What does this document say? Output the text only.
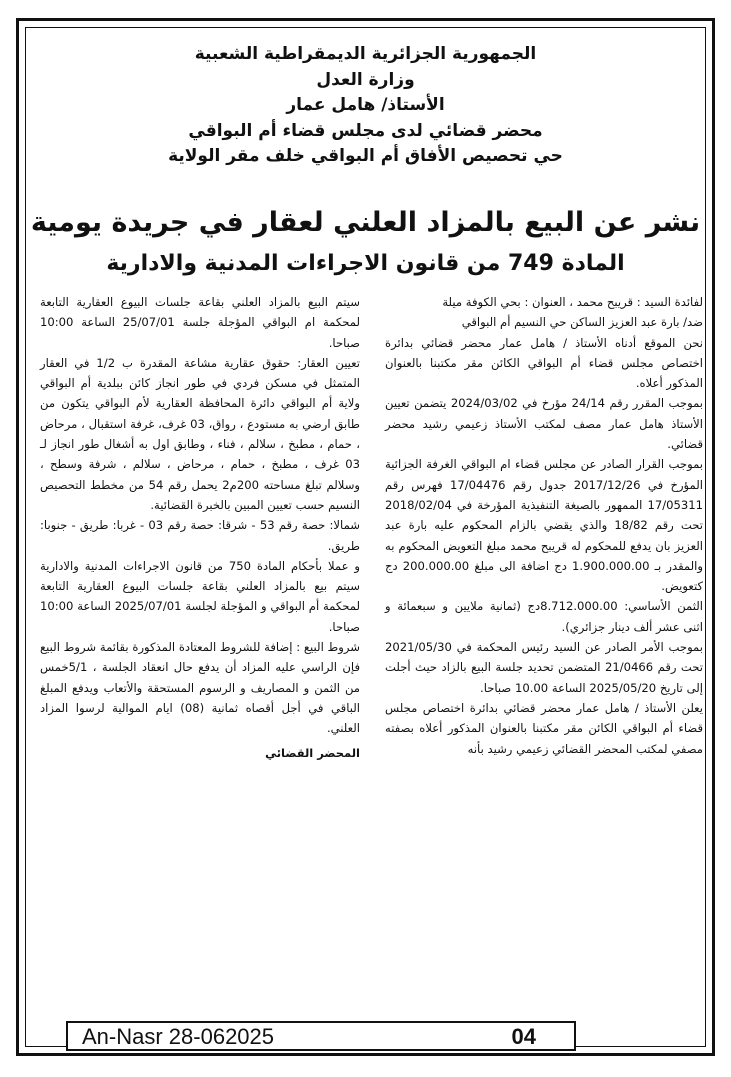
الجمهورية الجزائرية الديمقراطية الشعبية
وزارة العدل
الأستاذ/ هامل عمار
محضر قضائي لدى مجلس قضاء أم البواقي
حي تحصيص الأفاق أم البواقي خلف مقر الولاية
نشر عن البيع بالمزاد العلني لعقار في جريدة يومية
المادة 749 من قانون الاجراءات المدنية والادارية

لفائدة السيد : قريبح محمد ، العنوان : بحي الكوفة ميلة

ضد/ بارة عبد العزيز الساكن حي النسيم أم البواقي

نحن الموقع أدناه الأستاذ / هامل عمار محضر قضائي بدائرة اختصاص مجلس قضاء أم البواقي الكائن مقر مكتبنا بالعنوان المذكور أعلاه.

بموجب المقرر رقم 24/14 مؤرخ في 2024/03/02 يتضمن تعيين الأستاذ هامل عمار مصف لمكتب الأستاذ زعيمي رشيد محضر قضائي.

بموجب القرار الصادر عن مجلس قضاء ام البواقي الغرفة الجزائية المؤرخ في 2017/12/26 جدول رقم 17/04476 فهرس رقم 17/05311 الممهور بالصيغة التنفيذية المؤرخة في 2018/02/04 تحت رقم 18/82 والذي يقضي بالزام المحكوم عليه بارة عبد العزيز بان يدفع للمحكوم له قريبح محمد مبلغ التعويض المحكوم به والمقدر بـ 1.900.000.00 دج اضافة الى مبلغ 200.000.00 دج كتعويض.

الثمن الأساسي: 8.712.000.00دج (ثمانية ملايين و سبعمائة و اثنى عشر ألف دينار جزائري).

بموجب الأمر الصادر عن السيد رئيس المحكمة في 2021/05/30 تحت رقم 21/0466 المتضمن تحديد جلسة البيع بالزاد حيث أجلت إلى تاريخ 2025/05/20 الساعة 10.00 صباحا.

يعلن الأستاذ / هامل عمار محضر قضائي بدائرة اختصاص مجلس قضاء أم البواقي الكائن مقر مكتبنا بالعنوان المذكور أعلاه بصفته مصفي لمكتب المحضر القضائي زعيمي رشيد بأنه

سيتم البيع بالمزاد العلني بقاعة جلسات البيوع العقارية التابعة لمحكمة ام البواقي المؤجلة جلسة 25/07/01 الساعة 10:00 صباحا.

تعيين العقار: حقوق عقارية مشاعة المقدرة ب 1/2 في العقار المتمثل في مسكن فردي في طور انجاز كائن ببلدية أم البواقي ولاية أم البواقي دائرة المحافظة العقارية لأم البواقي يتكون من طابق ارضي به مستودع ، رواق، 03 غرف، غرفة استقبال ، مرحاض ، حمام ، مطبخ ، سلالم ، فناء ، وطابق اول به أشغال طور انجاز لـ 03 غرف ، مطبخ ، حمام ، مرحاض ، سلالم ، شرفة وسطح ، وسلالم تبلغ مساحته 200م2 يحمل رقم 54 من مخطط التحصيص النسيم حسب تعيين المبين بالخبرة القضائية.

شمالا: حصة رقم 53 - شرقا: حصة رقم 03 - غربا: طريق - جنوبا: طريق.

و عملا بأحكام المادة 750 من قانون الاجراءات المدنية والادارية سيتم بيع بالمزاد العلني بقاعة جلسات البيوع العقارية التابعة لمحكمة أم البواقي و المؤجلة لجلسة 2025/07/01 الساعة 10:00 صباحا.

شروط البيع : إضافة للشروط المعتادة المذكورة بقائمة شروط البيع فإن الراسي عليه المزاد أن يدفع حال انعقاد الجلسة ، 5/1خمس من الثمن و المصاريف و الرسوم المستحقة والأتعاب ويدفع المبلغ الباقي في أجل أقصاه ثمانية (08) ايام الموالية لرسوا المزاد العلني.

المحضر القضائي

An-Nasr 28-062025	04
